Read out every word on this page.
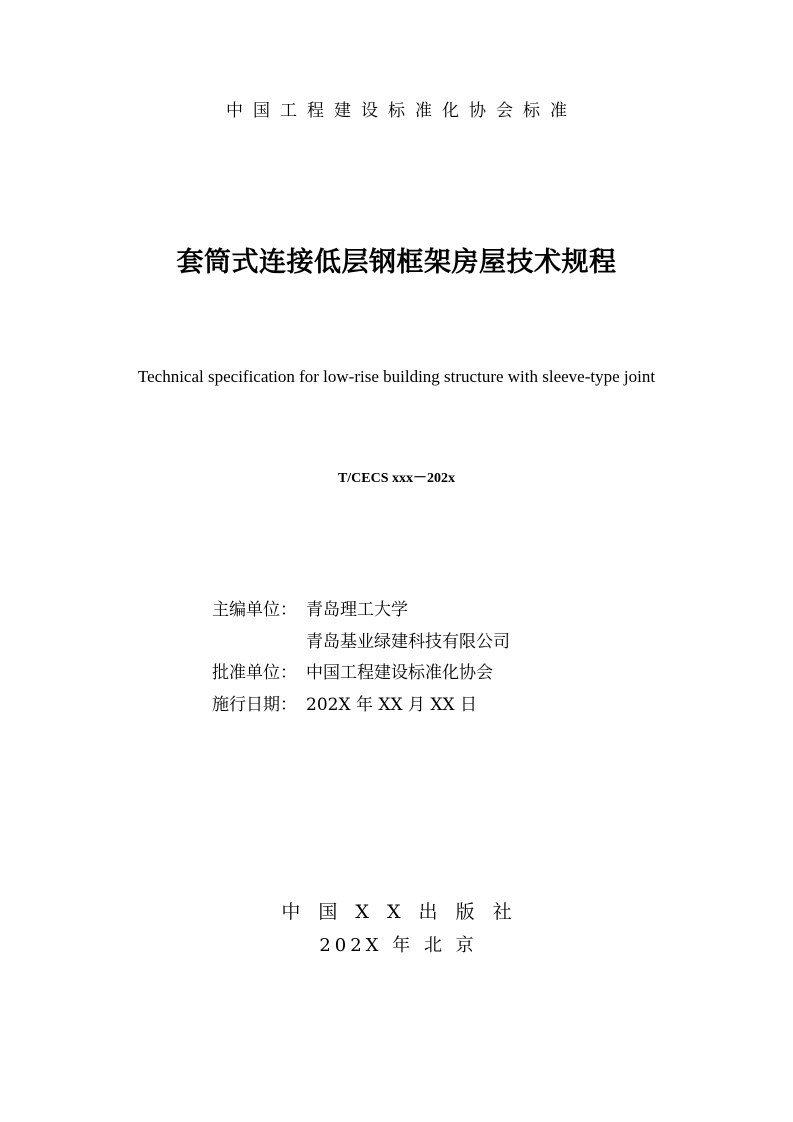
中国工程建设标准化协会标准
套筒式连接低层钢框架房屋技术规程
Technical specification for low-rise building structure with sleeve-type joint
T/CECS xxx－202x
主编单位： 青岛理工大学
青岛基业绿建科技有限公司
批准单位： 中国工程建设标准化协会
施行日期： 202X 年 XX 月 XX 日
中 国 X X 出 版 社
202X 年 北 京
